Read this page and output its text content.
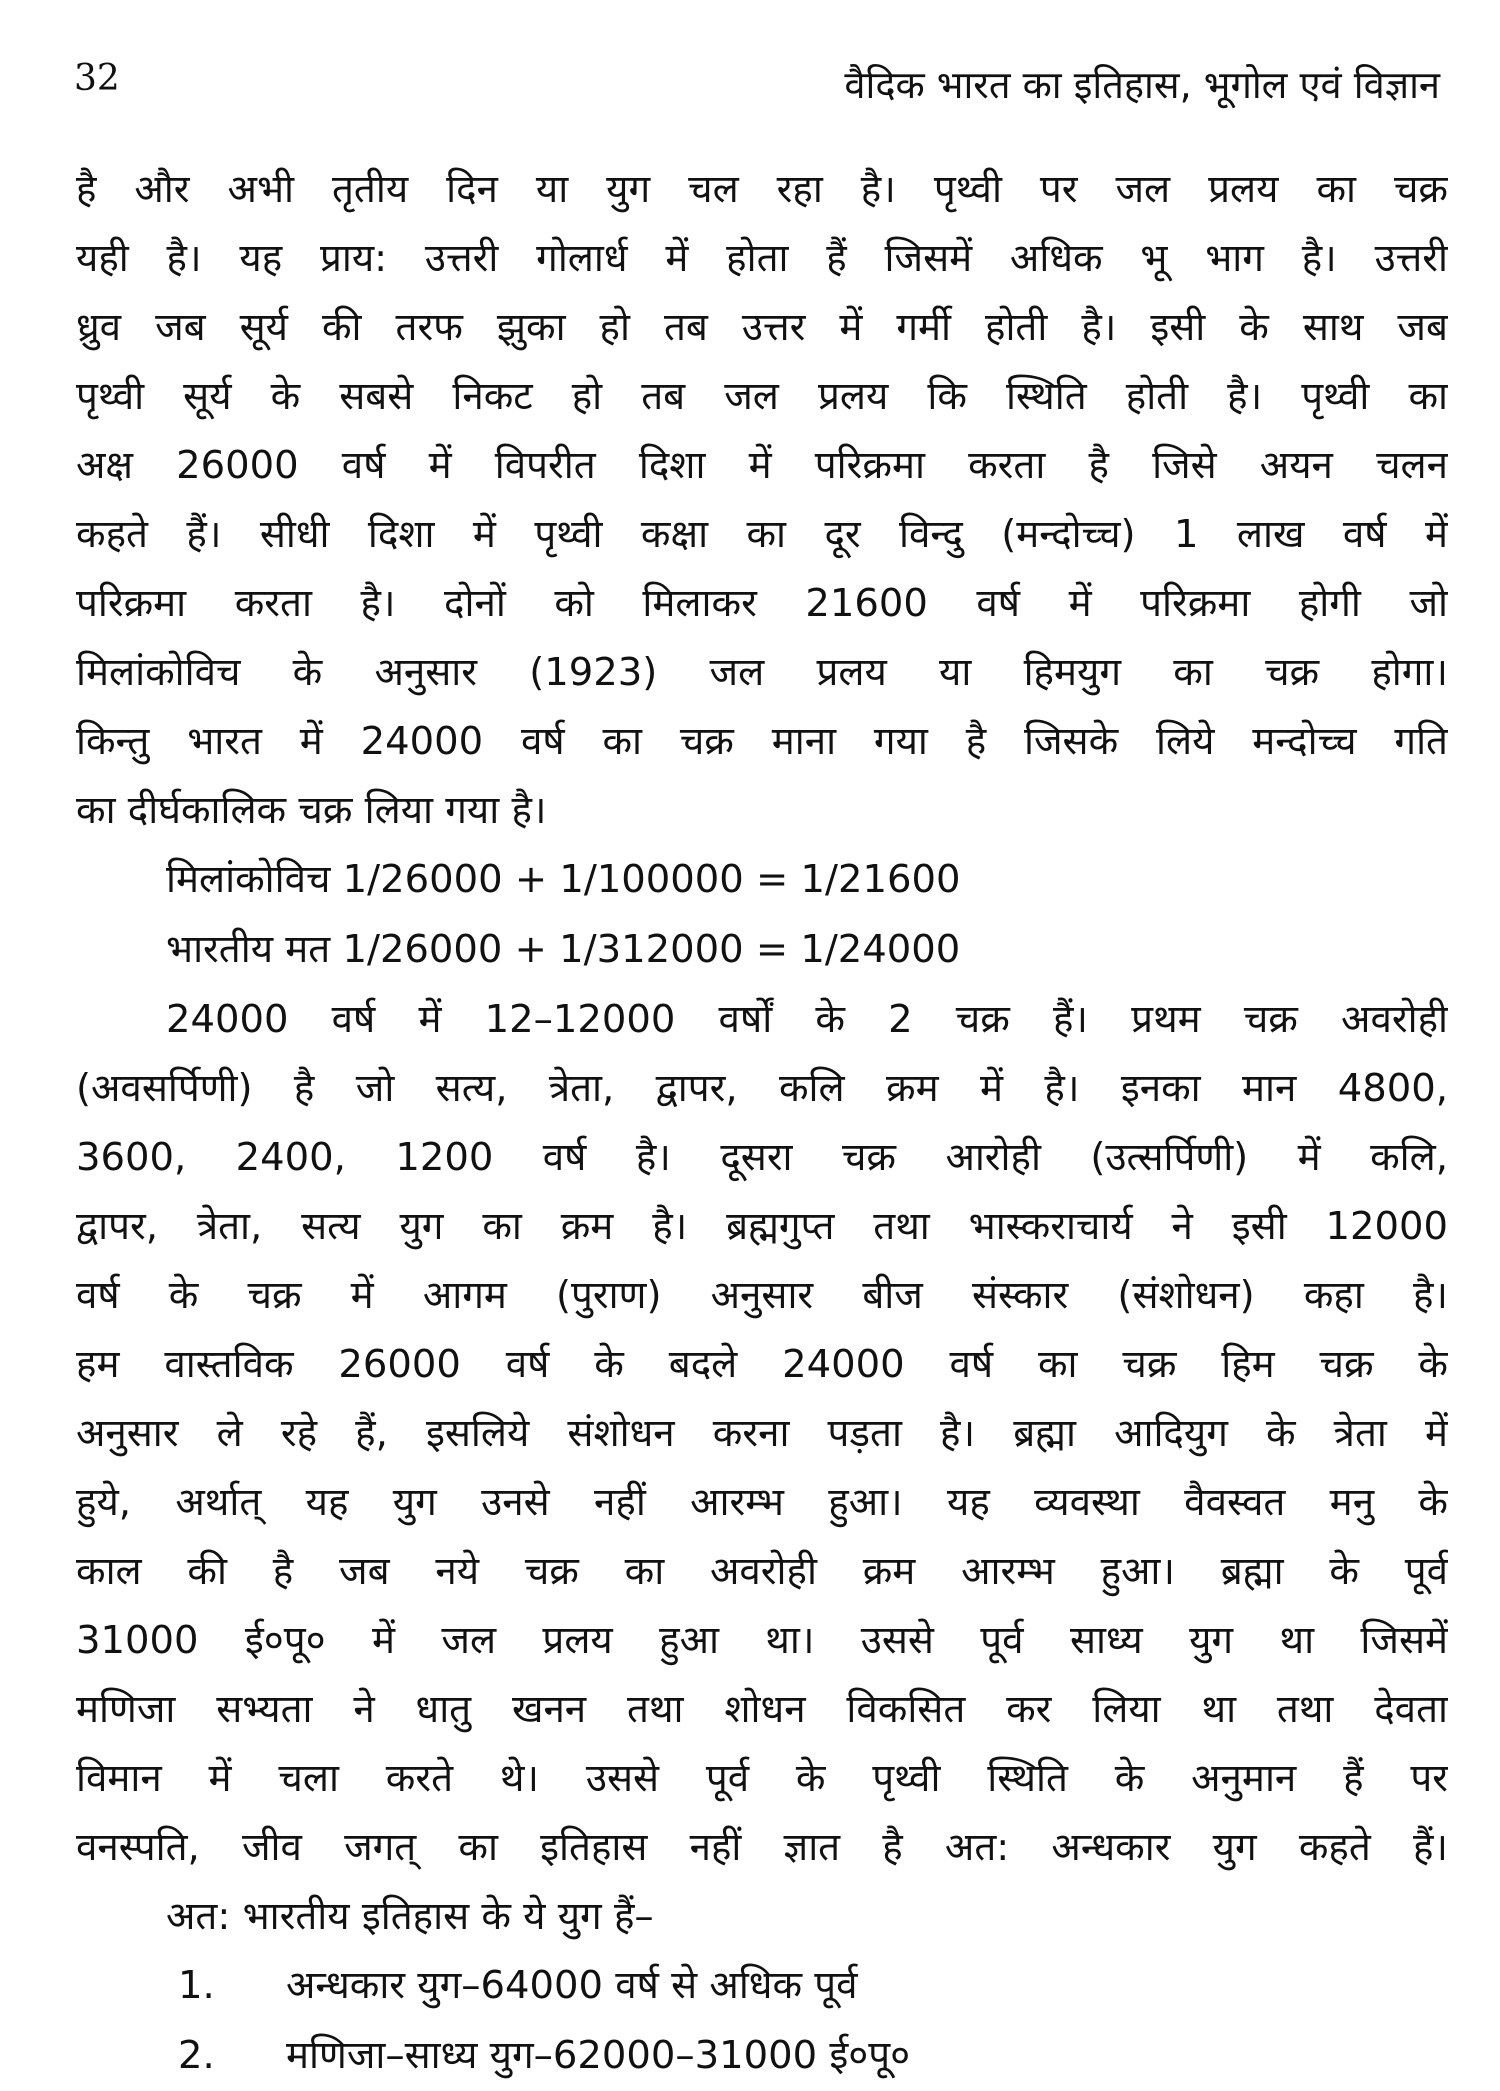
32	वैदिक भारत का इतिहास, भूगोल एवं विज्ञान
है और अभी तृतीय दिन या युग चल रहा है। पृथ्वी पर जल प्रलय का चक्र
यही है। यह प्राय: उत्तरी गोलार्ध में होता हैं जिसमें अधिक भू भाग है। उत्तरी
ध्रुव जब सूर्य की तरफ झुका हो तब उत्तर में गर्मी होती है। इसी के साथ जब
पृथ्वी सूर्य के सबसे निकट हो तब जल प्रलय कि स्थिति होती है। पृथ्वी का
अक्ष 26000 वर्ष में विपरीत दिशा में परिक्रमा करता है जिसे अयन चलन
कहते हैं। सीधी दिशा में पृथ्वी कक्षा का दूर विन्दु (मन्दोच्च) 1 लाख वर्ष में
परिक्रमा करता है। दोनों को मिलाकर 21600 वर्ष में परिक्रमा होगी जो
मिलांकोविच के अनुसार (1923) जल प्रलय या हिमयुग का चक्र होगा।
किन्तु भारत में 24000 वर्ष का चक्र माना गया है जिसके लिये मन्दोच्च गति
का दीर्घकालिक चक्र लिया गया है।
मिलांकोविच 1/26000 + 1/100000 = 1/21600
भारतीय मत 1/26000 + 1/312000 = 1/24000
24000 वर्ष में 12–12000 वर्षों के 2 चक्र हैं। प्रथम चक्र अवरोही
(अवसर्पिणी) है जो सत्य, त्रेता, द्वापर, कलि क्रम में है। इनका मान 4800,
3600, 2400, 1200 वर्ष है। दूसरा चक्र आरोही (उत्सर्पिणी) में कलि,
द्वापर, त्रेता, सत्य युग का क्रम है। ब्रह्मगुप्त तथा भास्कराचार्य ने इसी 12000
वर्ष के चक्र में आगम (पुराण) अनुसार बीज संस्कार (संशोधन) कहा है।
हम वास्तविक 26000 वर्ष के बदले 24000 वर्ष का चक्र हिम चक्र के
अनुसार ले रहे हैं, इसलिये संशोधन करना पड़ता है। ब्रह्मा आदियुग के त्रेता में
हुये, अर्थात् यह युग उनसे नहीं आरम्भ हुआ। यह व्यवस्था वैवस्वत मनु के
काल की है जब नये चक्र का अवरोही क्रम आरम्भ हुआ। ब्रह्मा के पूर्व
31000 ई०पू० में जल प्रलय हुआ था। उससे पूर्व साध्य युग था जिसमें
मणिजा सभ्यता ने धातु खनन तथा शोधन विकसित कर लिया था तथा देवता
विमान में चला करते थे। उससे पूर्व के पृथ्वी स्थिति के अनुमान हैं पर
वनस्पति, जीव जगत् का इतिहास नहीं ज्ञात है अत: अन्धकार युग कहते हैं।
अत: भारतीय इतिहास के ये युग हैं–
1.	अन्धकार युग–64000 वर्ष से अधिक पूर्व
2.	मणिजा–साध्य युग–62000–31000 ई०पू०
